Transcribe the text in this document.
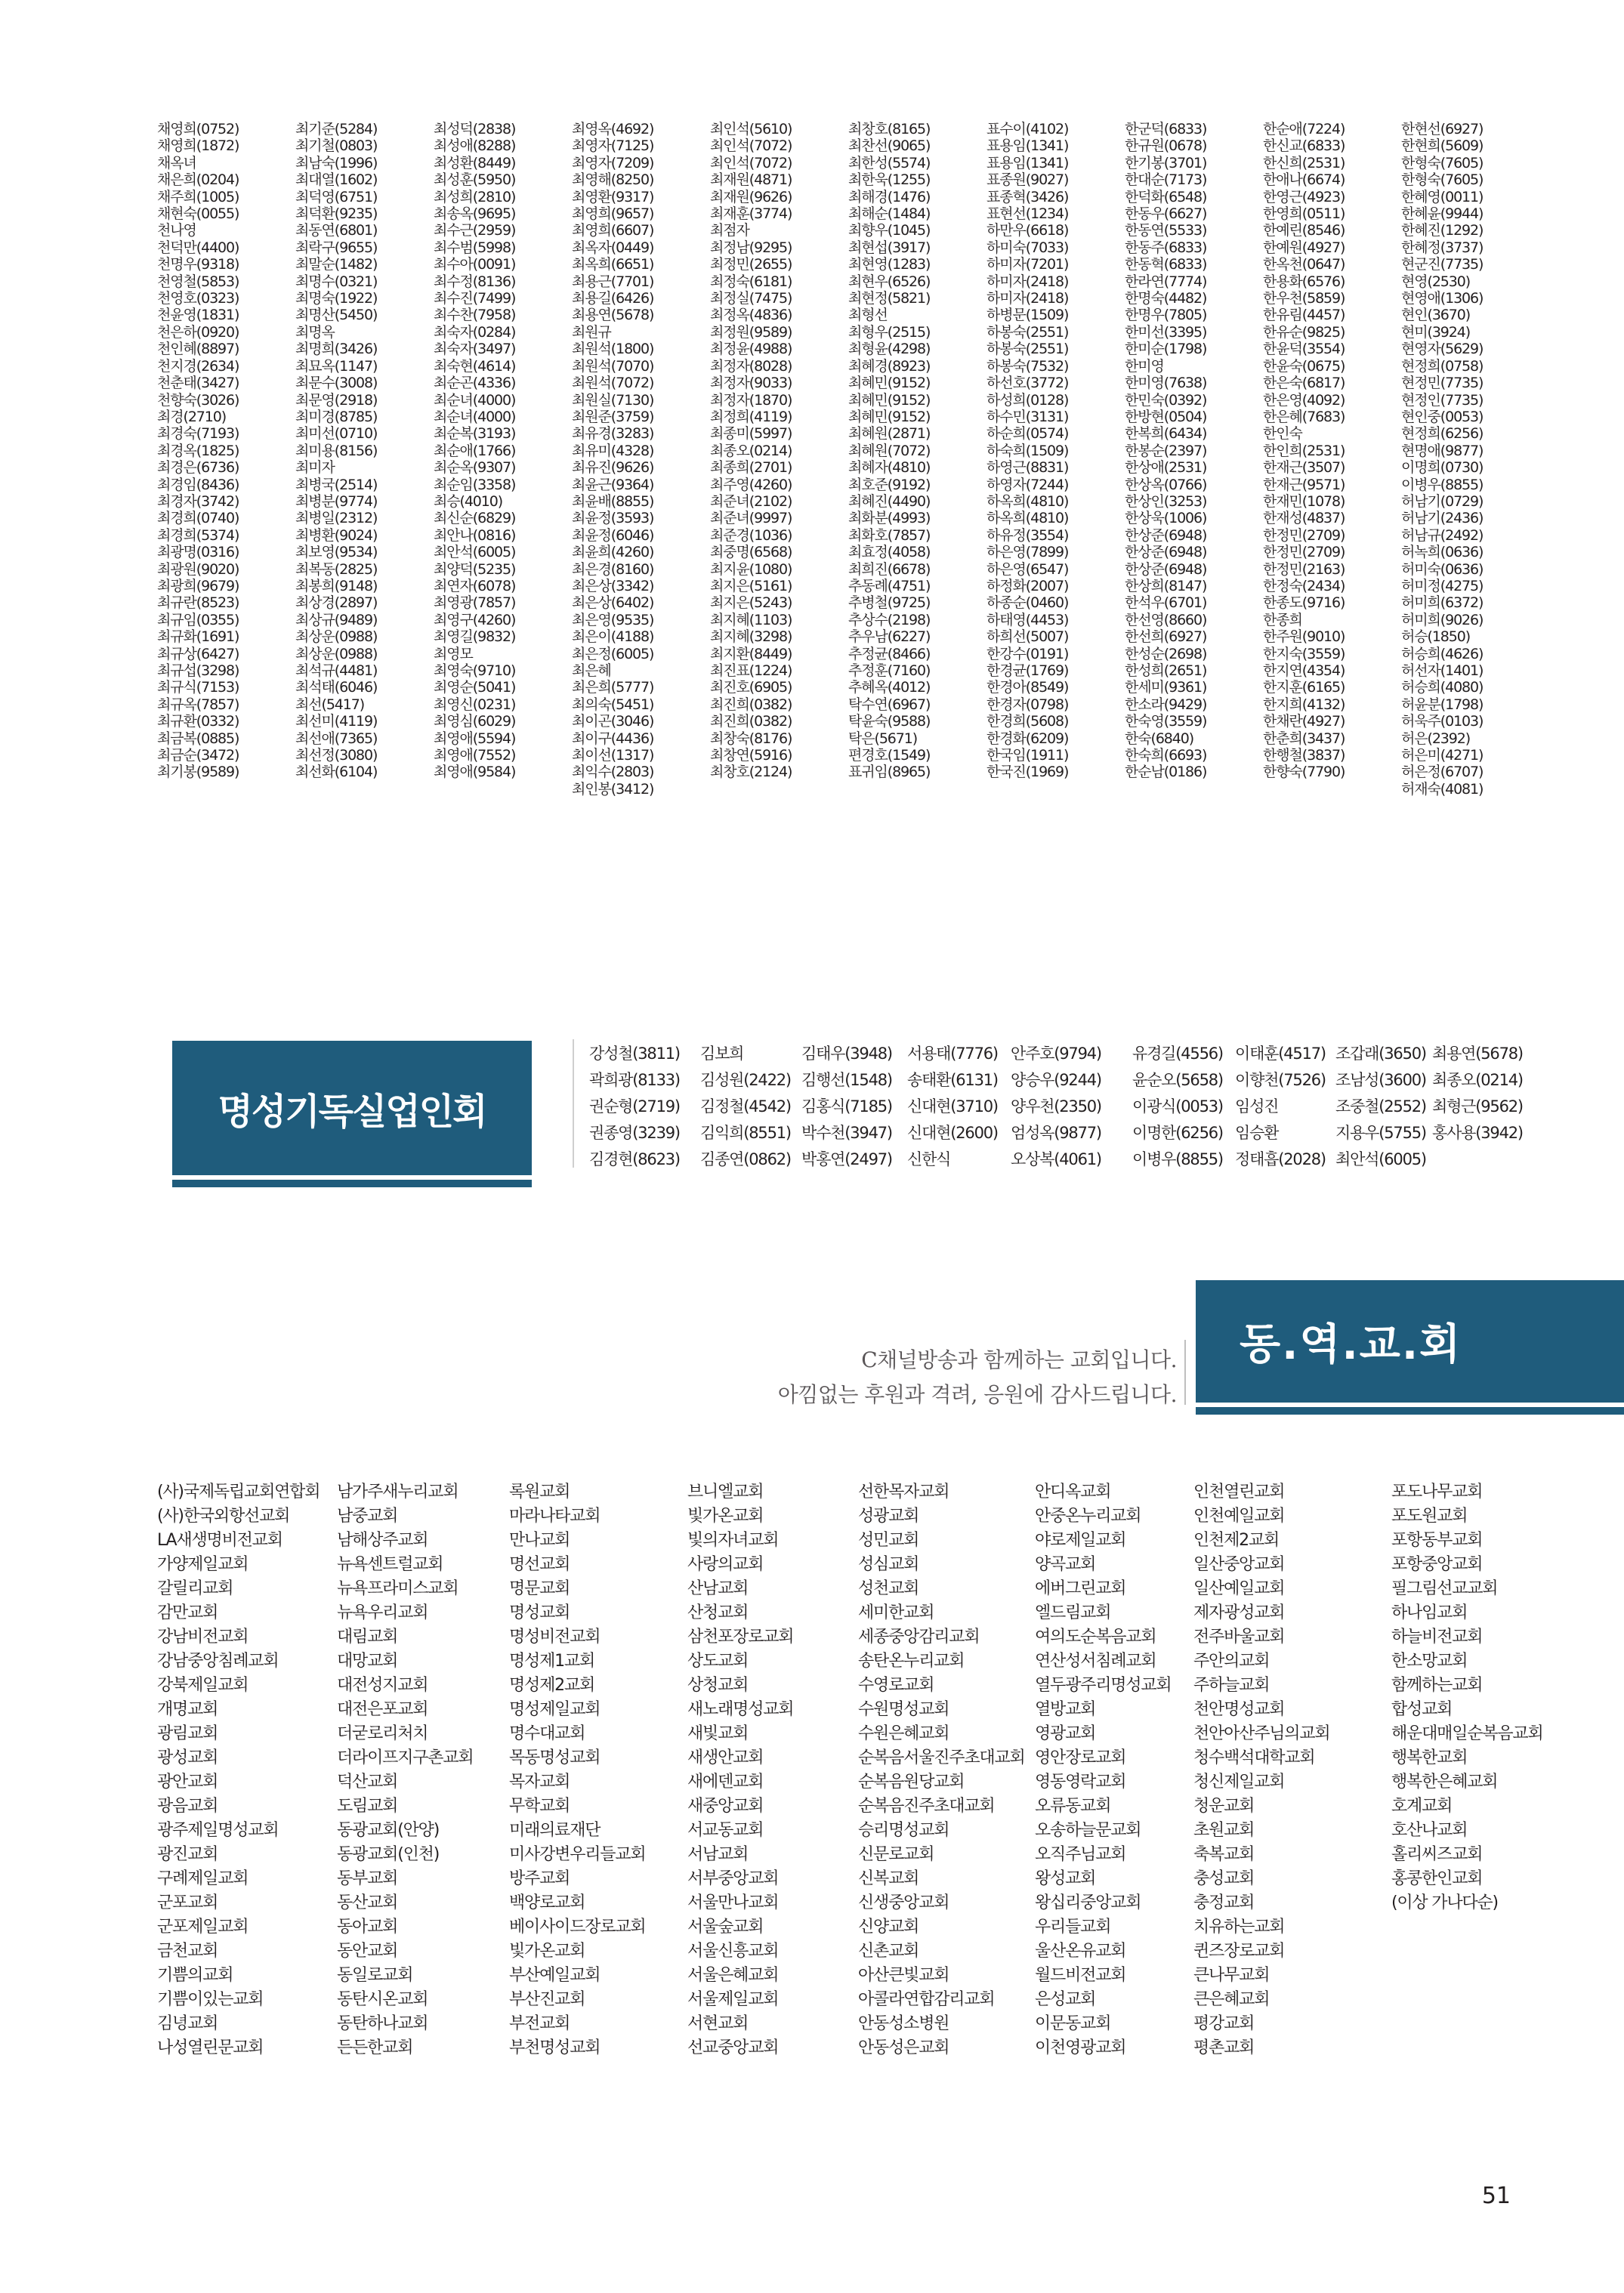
채영희(0752)
채영희(1872)
채옥녀
채은희(0204)
채주희(1005)
채현숙(0055)
천나영
천덕만(4400)
천명우(9318)
천영철(5853)
천영호(0323)
천윤영(1831)
천은하(0920)
천인혜(8897)
천지경(2634)
천춘태(3427)
천향숙(3026)
최경(2710)
최경숙(7193)
최경옥(1825)
최경은(6736)
최경임(8436)
최경자(3742)
최경희(0740)
최경희(5374)
최광명(0316)
최광원(9020)
최광희(9679)
최규란(8523)
최규임(0355)
최규화(1691)
최규상(6427)
최규섭(3298)
최규식(7153)
최규옥(7857)
최규환(0332)
최금복(0885)
최금순(3472)
최기봉(9589)
최기준(5284)
최기철(0803)
최남숙(1996)
최대열(1602)
최덕영(6751)
최덕환(9235)
최동연(6801)
최락구(9655)
최말순(1482)
최명수(0321)
최명숙(1922)
최명산(5450)
최명옥
최명희(3426)
최묘옥(1147)
최문수(3008)
최문영(2918)
최미경(8785)
최미선(0710)
최미용(8156)
최미자
최병국(2514)
최병분(9774)
최병일(2312)
최병환(9024)
최보영(9534)
최복동(2825)
최봉희(9148)
최상경(2897)
최상규(9489)
최상운(0988)
최상운(0988)
최석규(4481)
최석태(6046)
최선(5417)
최선미(4119)
최선애(7365)
최선정(3080)
최선화(6104)
최성덕(2838)
최성애(8288)
최성환(8449)
최성훈(5950)
최성희(2810)
최송옥(9695)
최수근(2959)
최수범(5998)
최수아(0091)
최수정(8136)
최수진(7499)
최수찬(7958)
최숙자(0284)
최숙자(3497)
최숙현(4614)
최순곤(4336)
최순녀(4000)
최순녀(4000)
최순복(3193)
최순애(1766)
최순옥(9307)
최순임(3358)
최승(4010)
최신순(6829)
최안나(0816)
최안석(6005)
최양덕(5235)
최연자(6078)
최영광(7857)
최영구(4260)
최영길(9832)
최영모
최영숙(9710)
최영순(5041)
최영신(0231)
최영심(6029)
최영애(5594)
최영애(7552)
최영애(9584)
최영옥(4692)
최영자(7125)
최영자(7209)
최영해(8250)
최영환(9317)
최영희(9657)
최영희(6607)
최옥자(0449)
최옥희(6651)
최용근(7701)
최용길(6426)
최용연(5678)
최원규
최원석(1800)
최원석(7070)
최원석(7072)
최원실(7130)
최원준(3759)
최유경(3283)
최유미(4328)
최유진(9626)
최윤근(9364)
최윤배(8855)
최윤정(3593)
최윤정(6046)
최윤희(4260)
최은경(8160)
최은상(3342)
최은상(6402)
최은영(9535)
최은이(4188)
최은정(6005)
최은혜
최은희(5777)
최의숙(5451)
최이곤(3046)
최이구(4436)
최이선(1317)
최익수(2803)
최인봉(3412)
최인석(5610)
최인석(7072)
최인석(7072)
최재원(4871)
최재원(9626)
최재훈(3774)
최점자
최정남(9295)
최정민(2655)
최정숙(6181)
최정실(7475)
최정옥(4836)
최정원(9589)
최정윤(4988)
최정자(8028)
최정자(9033)
최정자(1870)
최정희(4119)
최종미(5997)
최종오(0214)
최종희(2701)
최주영(4260)
최준녀(2102)
최준녀(9997)
최준경(1036)
최중명(6568)
최지윤(1080)
최지은(5161)
최지은(5243)
최지혜(1103)
최지혜(3298)
최지환(8449)
최진표(1224)
최진호(6905)
최진희(0382)
최진희(0382)
최창숙(8176)
최창연(5916)
최창호(2124)
최창호(8165)
최찬선(9065)
최한성(5574)
최한욱(1255)
최해경(1476)
최해순(1484)
최향우(1045)
최현섭(3917)
최현영(1283)
최현우(6526)
최현정(5821)
최형선
최형우(2515)
최형윤(4298)
최혜경(8923)
최혜민(9152)
최혜민(9152)
최혜민(9152)
최혜원(2871)
최혜원(7072)
최혜자(4810)
최호준(9192)
최혜진(4490)
최화분(4993)
최화호(7857)
최효정(4058)
최희진(6678)
추동례(4751)
추병철(9725)
추상수(2198)
추우남(6227)
추정균(8466)
추정훈(7160)
추혜옥(4012)
탁수연(6967)
탁윤숙(9588)
탁은(5671)
편경호(1549)
표귀임(8965)
표수이(4102)
표용임(1341)
표용임(1341)
표종원(9027)
표종혁(3426)
표현선(1234)
하만우(6618)
하미숙(7033)
하미자(7201)
하미자(2418)
하미자(2418)
하병문(1509)
하봉숙(2551)
하봉숙(2551)
하봉숙(7532)
하선호(3772)
하성희(0128)
하수민(3131)
하순희(0574)
하숙희(1509)
하영근(8831)
하영자(7244)
하옥희(4810)
하옥희(4810)
하유정(3554)
하은영(7899)
하은영(6547)
하정화(2007)
하종순(0460)
하태영(4453)
하희선(5007)
한강수(0191)
한경균(1769)
한경아(8549)
한경자(0798)
한경희(5608)
한경화(6209)
한국임(1911)
한국진(1969)
한군덕(6833)
한규원(0678)
한기봉(3701)
한대순(7173)
한덕화(6548)
한동우(6627)
한동연(5533)
한동주(6833)
한동혁(6833)
한라연(7774)
한명숙(4482)
한명우(7805)
한미선(3395)
한미순(1798)
한미영
한미영(7638)
한민숙(0392)
한방현(0504)
한복희(6434)
한봉순(2397)
한상애(2531)
한상옥(0766)
한상인(3253)
한상욱(1006)
한상준(6948)
한상준(6948)
한상준(6948)
한상희(8147)
한석우(6701)
한선영(8660)
한선희(6927)
한성순(2698)
한성희(2651)
한세미(9361)
한소라(9429)
한숙영(3559)
한숙(6840)
한숙희(6693)
한순남(0186)
한순애(7224)
한신교(6833)
한신희(2531)
한애나(6674)
한영근(4923)
한영희(0511)
한예린(8546)
한예원(4927)
한옥천(0647)
한용화(6576)
한우천(5859)
한유림(4457)
한유순(9825)
한윤덕(3554)
한윤숙(0675)
한은숙(6817)
한은영(4092)
한은혜(7683)
한인숙
한인희(2531)
한재근(3507)
한재근(9571)
한재민(1078)
한재성(4837)
한정민(2709)
한정민(2709)
한정민(2163)
한정숙(2434)
한종도(9716)
한종희
한주원(9010)
한지숙(3559)
한지연(4354)
한지훈(6165)
한지희(4132)
한채란(4927)
한춘희(3437)
한행철(3837)
한향숙(7790)
한현선(6927)
한현희(5609)
한형숙(7605)
한형숙(7605)
한혜영(0011)
한혜윤(9944)
한혜진(1292)
한혜정(3737)
현군진(7735)
현영(2530)
현영애(1306)
현인(3670)
현미(3924)
현영자(5629)
현정희(0758)
현정민(7735)
현정인(7735)
현인중(0053)
현정희(6256)
현명애(9877)
이명희(0730)
이병우(8855)
허남기(0729)
허남기(2436)
허남규(2492)
허녹희(0636)
허미숙(0636)
허미정(4275)
허미희(6372)
허미희(9026)
허승(1850)
허승희(4626)
허선자(1401)
허승희(4080)
허윤분(1798)
허욱주(0103)
허은(2392)
허은미(4271)
허은정(6707)
허재숙(4081)
명성기독실업인회
강성철(3811)
곽희광(8133)
권순형(2719)
권종영(3239)
김경현(8623)
김보희
김성원(2422)
김정철(4542)
김익희(8551)
김종연(0862)
김태우(3948)
김행선(1548)
김홍식(7185)
박수천(3947)
박홍연(2497)
서용태(7776)
송태환(6131)
신대현(3710)
신대현(2600)
신한식
안주호(9794)
양승우(9244)
양우천(2350)
엄성옥(9877)
오상복(4061)
유경길(4556)
윤순오(5658)
이광식(0053)
이명한(6256)
이병우(8855)
이태훈(4517)
이향천(7526)
임성진
임승환
정태흡(2028)
조갑래(3650)
조남성(3600)
조중철(2552)
지용우(5755)
최안석(6005)
최용연(5678)
최종오(0214)
최형근(9562)
홍사용(3942)
C채널방송과 함께하는 교회입니다.
아낌없는 후원과 격려, 응원에 감사드립니다.
동.역.교.회
(사)국제독립교회연합회
(사)한국외항선교회
LA새생명비전교회
가양제일교회
갈릴리교회
감만교회
강남비전교회
강남중앙침례교회
강북제일교회
개명교회
광림교회
광성교회
광안교회
광음교회
광주제일명성교회
광진교회
구례제일교회
군포교회
군포제일교회
금천교회
기쁨의교회
기쁨이있는교회
김녕교회
나성열린문교회
남가주새누리교회
남중교회
남해상주교회
뉴욕센트럴교회
뉴욕프라미스교회
뉴욕우리교회
대림교회
대망교회
대전성지교회
대전은포교회
더굳로리처치
더라이프지구촌교회
덕산교회
도림교회
동광교회(안양)
동광교회(인천)
동부교회
동산교회
동아교회
동안교회
동일로교회
동탄시온교회
동탄하나교회
든든한교회
록원교회
마라나타교회
만나교회
명선교회
명문교회
명성교회
명성비전교회
명성제1교회
명성제2교회
명성제일교회
명수대교회
목동명성교회
목자교회
무학교회
미래의료재단
미사강변우리들교회
방주교회
백양로교회
베이사이드장로교회
빛가온교회
부산예일교회
부산진교회
부전교회
부천명성교회
브니엘교회
빛가온교회
빛의자녀교회
사랑의교회
산남교회
산청교회
삼천포장로교회
상도교회
상청교회
새노래명성교회
새빛교회
새생안교회
새에덴교회
새중앙교회
서교동교회
서남교회
서부중앙교회
서울만나교회
서울숲교회
서울신흥교회
서울은혜교회
서울제일교회
서현교회
선교중앙교회
선한목자교회
성광교회
성민교회
성심교회
성천교회
세미한교회
세종중앙감리교회
송탄온누리교회
수영로교회
수원명성교회
수원은혜교회
순복음서울진주초대교회
순복음원당교회
순복음진주초대교회
승리명성교회
신문로교회
신복교회
신생중앙교회
신양교회
신촌교회
아산큰빛교회
아콜라연합감리교회
안동성소병원
안동성은교회
안디옥교회
안중온누리교회
야로제일교회
양곡교회
에버그린교회
엘드림교회
여의도순복음교회
연산성서침례교회
열두광주리명성교회
열방교회
영광교회
영안장로교회
영동영락교회
오류동교회
오송하늘문교회
오직주님교회
왕성교회
왕십리중앙교회
우리들교회
울산온유교회
월드비전교회
은성교회
이문동교회
이천영광교회
인천열린교회
인천예일교회
인천제2교회
일산중앙교회
일산예일교회
제자광성교회
전주바울교회
주안의교회
주하늘교회
천안명성교회
천안아산주님의교회
청수백석대학교회
청신제일교회
청운교회
초원교회
축복교회
충성교회
충정교회
치유하는교회
퀸즈장로교회
큰나무교회
큰은혜교회
평강교회
평촌교회
포도나무교회
포도원교회
포항동부교회
포항중앙교회
필그림선교교회
하나임교회
하늘비전교회
한소망교회
함께하는교회
합성교회
해운대매일순복음교회
행복한교회
행복한은혜교회
호계교회
호산나교회
홀리씨즈교회
홍콩한인교회
(이상 가나다순)
51
